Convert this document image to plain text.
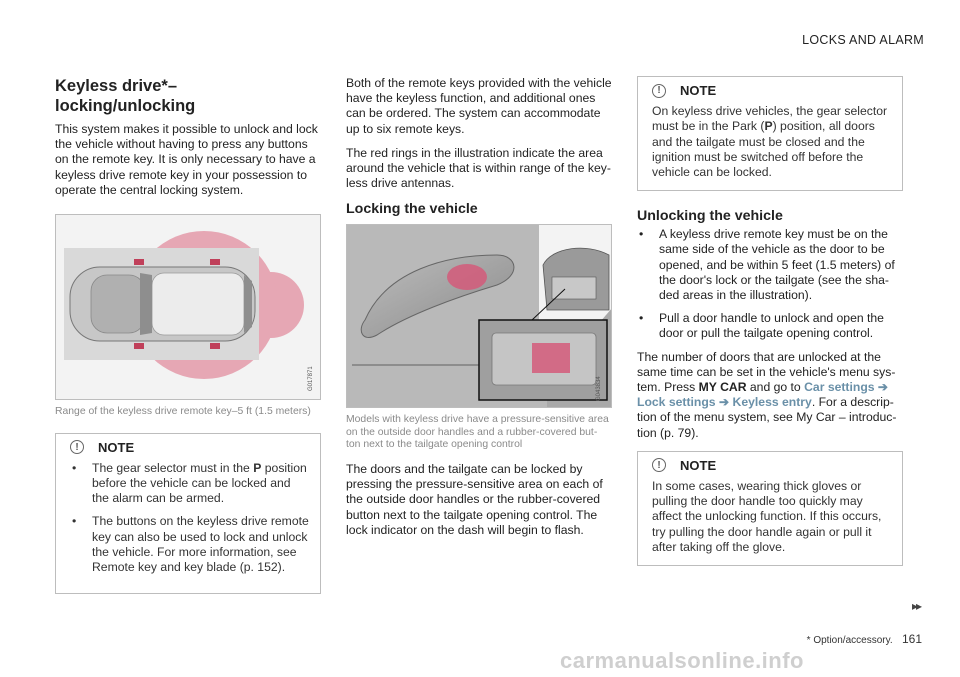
LOCKS AND ALARM
Keyless drive*– locking/unlocking

This system makes it possible to unlock and lock the vehicle without having to press any buttons on the remote key. It is only necessary to have a keyless drive remote key in your possession to operate the central locking system.

G017871
Range of the keyless drive remote key–5 ft (1.5 meters)
!	NOTE
• The gear selector must in the P position before the vehicle can be locked and the alarm can be armed.
• The buttons on the keyless drive remote key can also be used to lock and unlock the vehicle. For more information, see Remote key and key blade (p. 152).

Both of the remote keys provided with the vehicle have the keyless function, and additional ones can be ordered. The system can accommodate up to six remote keys.

The red rings in the illustration indicate the area around the vehicle that is within range of the key- less drive antennas.

Locking the vehicle
G043834
Models with keyless drive have a pressure-sensitive area on the outside door handles and a rubber-covered but- ton next to the tailgate opening control

The doors and the tailgate can be locked by pressing the pressure-sensitive area on each of the outside door handles or the rubber-covered button next to the tailgate opening control. The lock indicator on the dash will begin to flash.

!	NOTE

On keyless drive vehicles, the gear selector must be in the Park (P) position, all doors and the tailgate must be closed and the ignition must be switched off before the vehicle can be locked.

Unlocking the vehicle
• A keyless drive remote key must be on the same side of the vehicle as the door to be opened, and be within 5 feet (1.5 meters) of the door's lock or the tailgate (see the sha- ded areas in the illustration).
• Pull a door handle to unlock and open the door or pull the tailgate opening control.

The number of doors that are unlocked at the same time can be set in the vehicle's menu sys- tem. Press MY CAR and go to Car settings ➔ Lock settings ➔ Keyless entry. For a descrip- tion of the menu system, see My Car – introduc- tion (p. 79).

!	NOTE

In some cases, wearing thick gloves or pulling the door handle too quickly may affect the unlocking function. If this occurs, try pulling the door handle again or pull it after taking off the glove.

▸▸
* Option/accessory. 161
carmanualsonline.info
